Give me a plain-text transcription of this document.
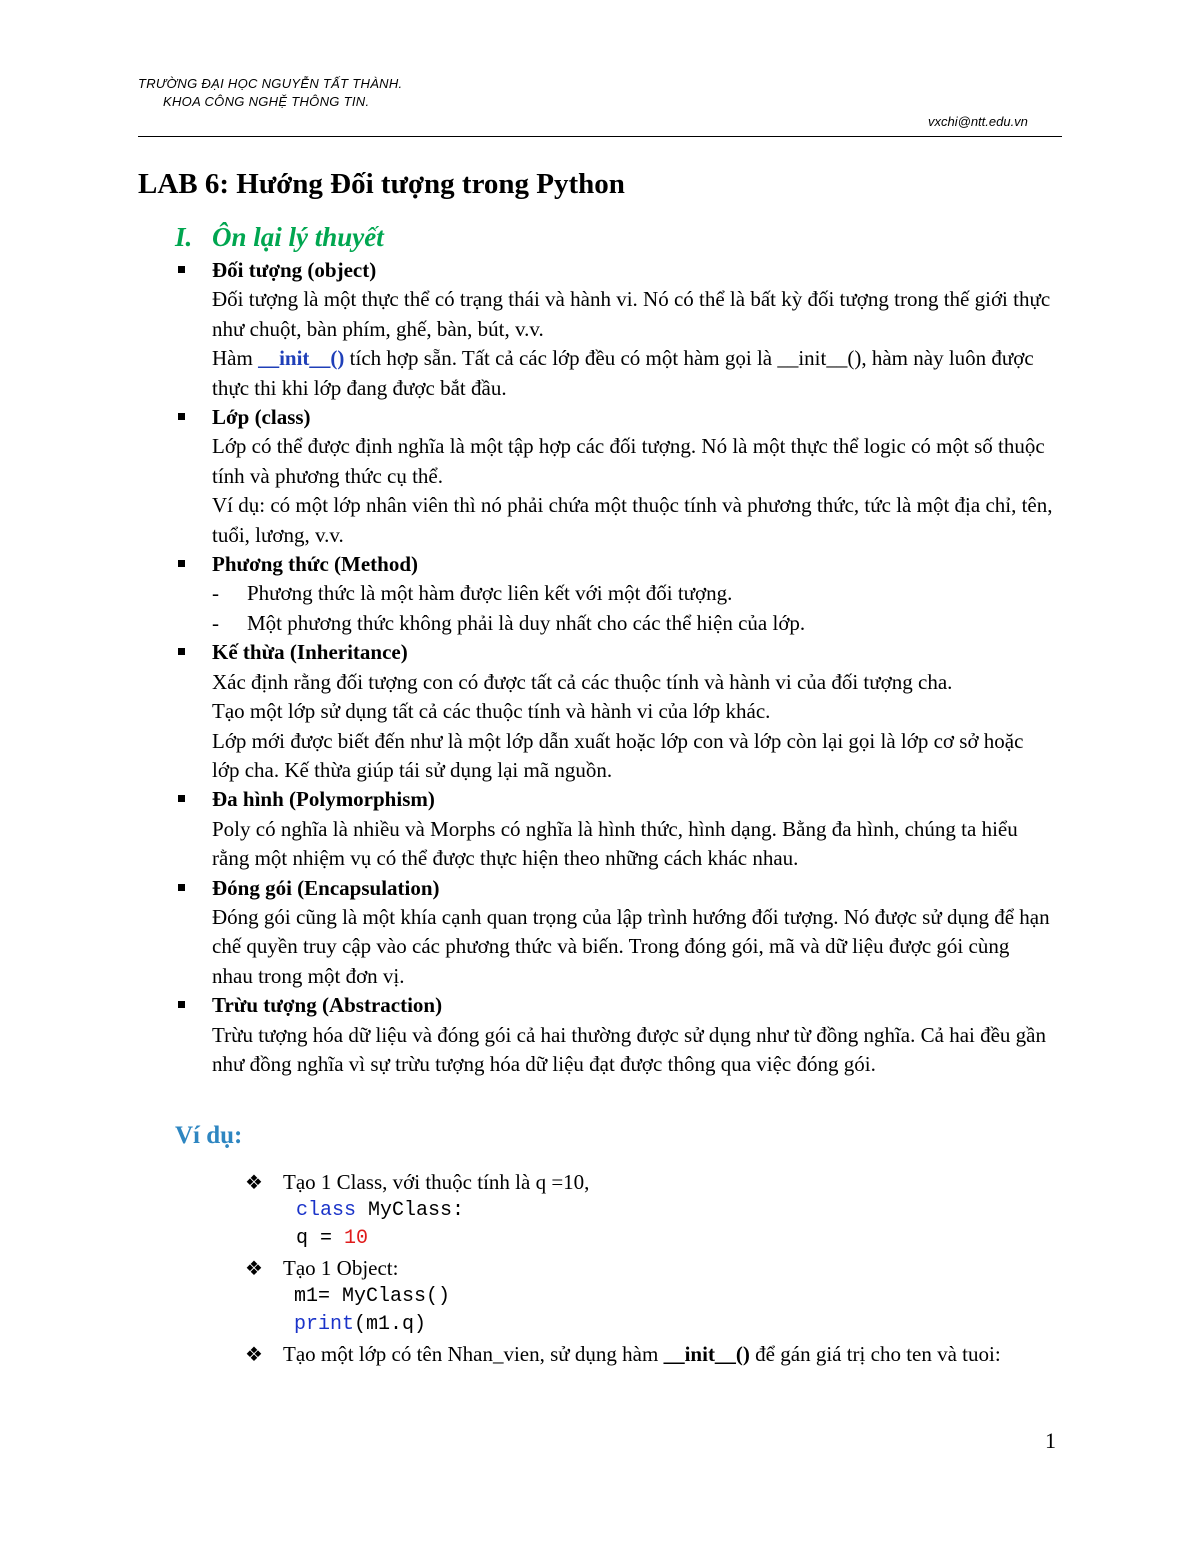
TRƯỜNG ĐẠI HỌC NGUYỄN TẤT THÀNH.
KHOA CÔNG NGHỆ THÔNG TIN.
vxchi@ntt.edu.vn
LAB 6: Hướng Đối tượng trong Python
I. Ôn lại lý thuyết
Đối tượng (object)
Đối tượng là một thực thể có trạng thái và hành vi. Nó có thể là bất kỳ đối tượng trong thế giới thực như chuột, bàn phím, ghế, bàn, bút, v.v.
Hàm __init__() tích hợp sẵn. Tất cả các lớp đều có một hàm gọi là __init__(), hàm này luôn được thực thi khi lớp đang được bắt đầu.
Lớp (class)
Lớp có thể được định nghĩa là một tập hợp các đối tượng. Nó là một thực thể logic có một số thuộc tính và phương thức cụ thể.
Ví dụ: có một lớp nhân viên thì nó phải chứa một thuộc tính và phương thức, tức là một địa chỉ, tên, tuổi, lương, v.v.
Phương thức (Method)
-	Phương thức là một hàm được liên kết với một đối tượng.
-	Một phương thức không phải là duy nhất cho các thể hiện của lớp.
Kế thừa (Inheritance)
Xác định rằng đối tượng con có được tất cả các thuộc tính và hành vi của đối tượng cha.
Tạo một lớp sử dụng tất cả các thuộc tính và hành vi của lớp khác.
Lớp mới được biết đến như là một lớp dẫn xuất hoặc lớp con và lớp còn lại gọi là lớp cơ sở hoặc lớp cha. Kế thừa giúp tái sử dụng lại mã nguồn.
Đa hình (Polymorphism)
Poly có nghĩa là nhiều và Morphs có nghĩa là hình thức, hình dạng. Bằng đa hình, chúng ta hiểu rằng một nhiệm vụ có thể được thực hiện theo những cách khác nhau.
Đóng gói (Encapsulation)
Đóng gói cũng là một khía cạnh quan trọng của lập trình hướng đối tượng. Nó được sử dụng để hạn chế quyền truy cập vào các phương thức và biến. Trong đóng gói, mã và dữ liệu được gói cùng nhau trong một đơn vị.
Trừu tượng (Abstraction)
Trừu tượng hóa dữ liệu và đóng gói cả hai thường được sử dụng như từ đồng nghĩa. Cả hai đều gần như đồng nghĩa vì sự trừu tượng hóa dữ liệu đạt được thông qua việc đóng gói.
Ví dụ:
❖ Tạo 1 Class, với thuộc tính là q =10,
class MyClass:
q = 10
❖ Tạo 1 Object:
m1= MyClass()
print(m1.q)
❖ Tạo một lớp có tên Nhan_vien, sử dụng hàm __init__() để gán giá trị cho ten và tuoi:
1
